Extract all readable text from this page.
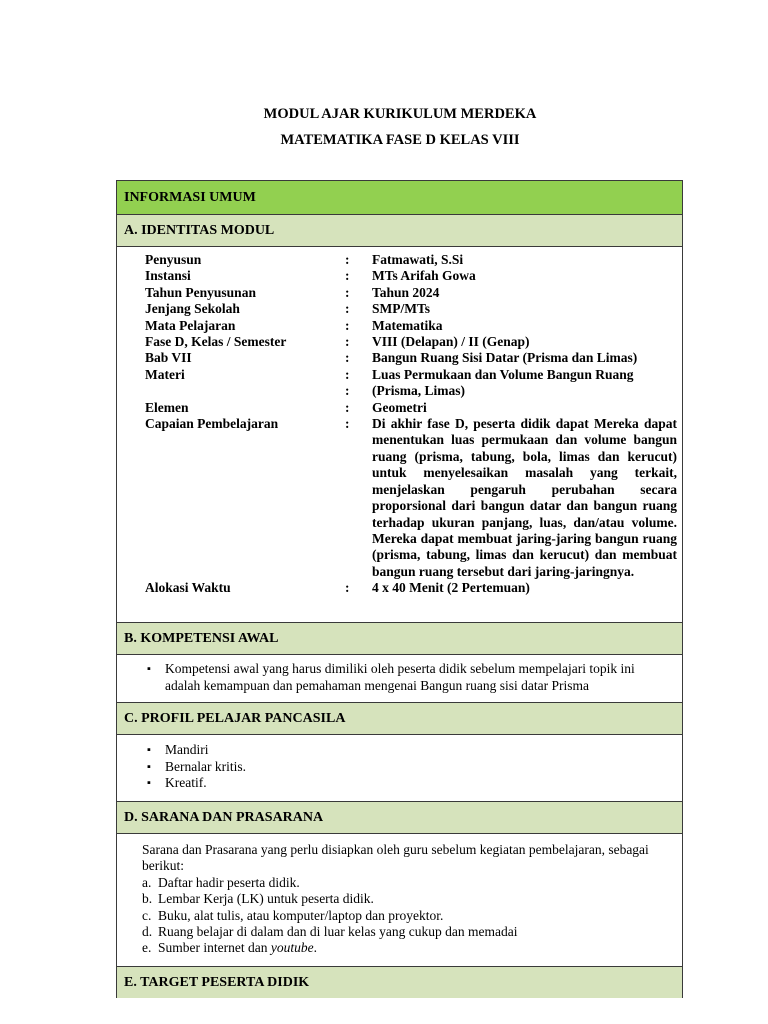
MODUL AJAR KURIKULUM MERDEKA
MATEMATIKA FASE D KELAS VIII
INFORMASI UMUM
A. IDENTITAS MODUL
Penyusun	:	Fatmawati, S.Si
Instansi	:	MTs Arifah Gowa
Tahun Penyusunan	:	Tahun 2024
Jenjang Sekolah	:	SMP/MTs
Mata Pelajaran	:	Matematika
Fase D, Kelas / Semester	:	VIII (Delapan) / II (Genap)
Bab VII	:	Bangun Ruang Sisi Datar (Prisma dan Limas)
Materi	:	Luas Permukaan dan Volume Bangun Ruang
:	(Prisma, Limas)
Elemen	:	Geometri
Capaian Pembelajaran	:	Di akhir fase D, peserta didik dapat Mereka dapat menentukan luas permukaan dan volume bangun ruang (prisma, tabung, bola, limas dan kerucut) untuk menyelesaikan masalah yang terkait, menjelaskan pengaruh perubahan secara proporsional dari bangun datar dan bangun ruang terhadap ukuran panjang, luas, dan/atau volume. Mereka dapat membuat jaring-jaring bangun ruang (prisma, tabung, limas dan kerucut) dan membuat bangun ruang tersebut dari jaring-jaringnya.
Alokasi Waktu	:	4 x 40 Menit (2 Pertemuan)
B. KOMPETENSI AWAL
▪ Kompetensi awal yang harus dimiliki oleh peserta didik sebelum mempelajari topik ini adalah kemampuan dan pemahaman mengenai Bangun ruang sisi datar Prisma
C. PROFIL PELAJAR PANCASILA
▪ Mandiri
▪ Bernalar kritis.
▪ Kreatif.
D. SARANA DAN PRASARANA
Sarana dan Prasarana yang perlu disiapkan oleh guru sebelum kegiatan pembelajaran, sebagai berikut:
a. Daftar hadir peserta didik.
b. Lembar Kerja (LK) untuk peserta didik.
c. Buku, alat tulis, atau komputer/laptop dan proyektor.
d. Ruang belajar di dalam dan di luar kelas yang cukup dan memadai
e. Sumber internet dan youtube.
E. TARGET PESERTA DIDIK
